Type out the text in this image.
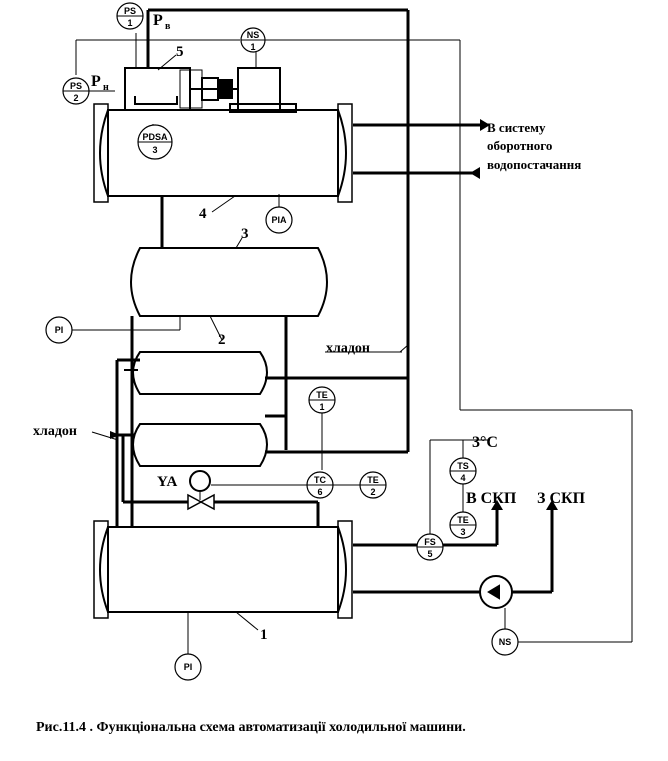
PS
1
NS
1
PS
2
PDSA
3
PIA
PI
TE
1
TC
6
TE
2
TS
4
TE
3
FS
5
NS
PI
Р в
Р н
5
4
3
2
1
В систему
оборотного
водопостачання
хладон
хладон
3°С
В СКП З СКП
YA
Рис.11.4 . Функціональна схема автоматизації холодильної машини.
